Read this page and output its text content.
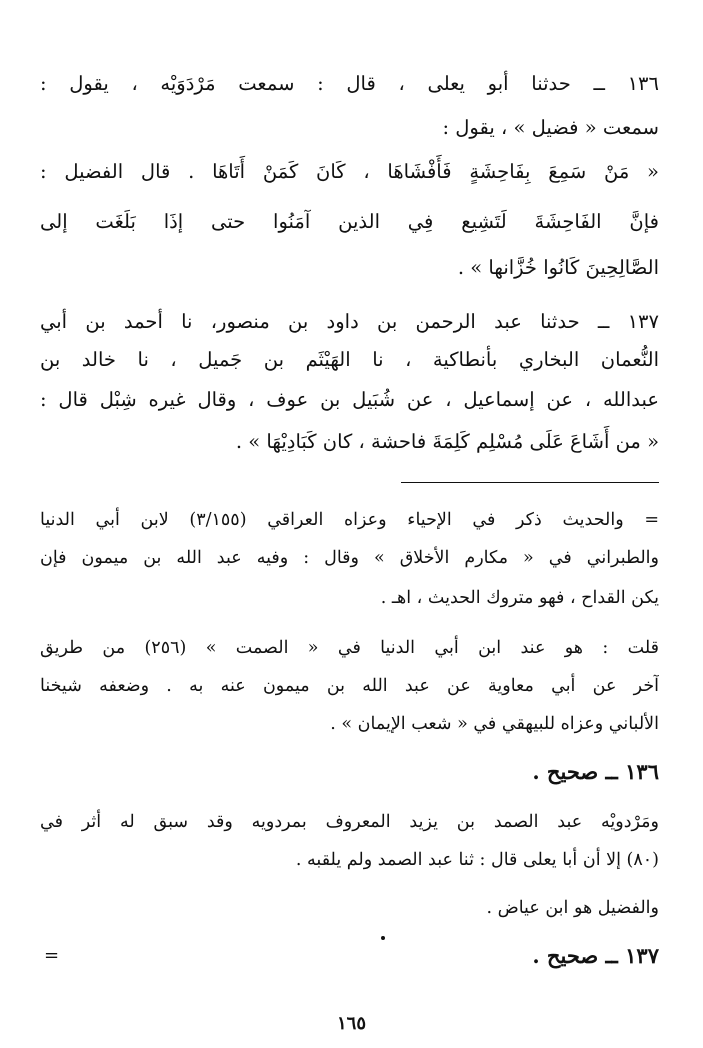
١٣٦ ــ حدثنا أبو يعلى ، قال : سمعت مَرْدَوَيْه ، يقول :
سمعت « فضيل » ، يقول :
« مَنْ سَمِعَ بِفَاحِشَةٍ فَأَفْشَاهَا ، كَانَ كَمَنْ أَتَاهَا . قال الفضيل :
فإنَّ الفَاحِشَةَ لَتَشِيع فِي الذين آمَنُوا حتى إذَا بَلَغَت إلى
الصَّالِحِينَ كَانُوا خُزَّانها » .
١٣٧ ــ حدثنا عبد الرحمن بن داود بن منصور، نا أحمد بن أبي
النُّعمان البخاري بأنطاكية ، نا الهَيْثَم بن جَميل ، نا خالد بن
عبدالله ، عن إسماعيل ، عن شُبَيل بن عوف ، وقال غيره شِبْل قال :
« من أَشَاعَ عَلَى مُسْلِم كَلِمَةَ فاحشة ، كان كَبَادِيْهَا » .
= والحديث ذكر في الإحياء وعزاه العراقي (٣/١٥٥) لابن أبي الدنيا
والطبراني في « مكارم الأخلاق » وقال : وفيه عبد الله بن ميمون فإن
يكن القداح ، فهو متروك الحديث ، اهـ .
قلت : هو عند ابن أبي الدنيا في « الصمت » (٢٥٦) من طريق
آخر عن أبي معاوية عن عبد الله بن ميمون عنه به . وضعفه شيخنا
الألباني وعزاه للبيهقي في « شعب الإيمان » .
١٣٦ ــ صحيح .
ومَرْدويْه عبد الصمد بن يزيد المعروف بمردويه وقد سبق له أثر في
(٨٠) إلا أن أبا يعلى قال : ثنا عبد الصمد ولم يلقبه .
والفضيل هو ابن عياض .
١٣٧ ــ صحيح .
=
١٦٥
